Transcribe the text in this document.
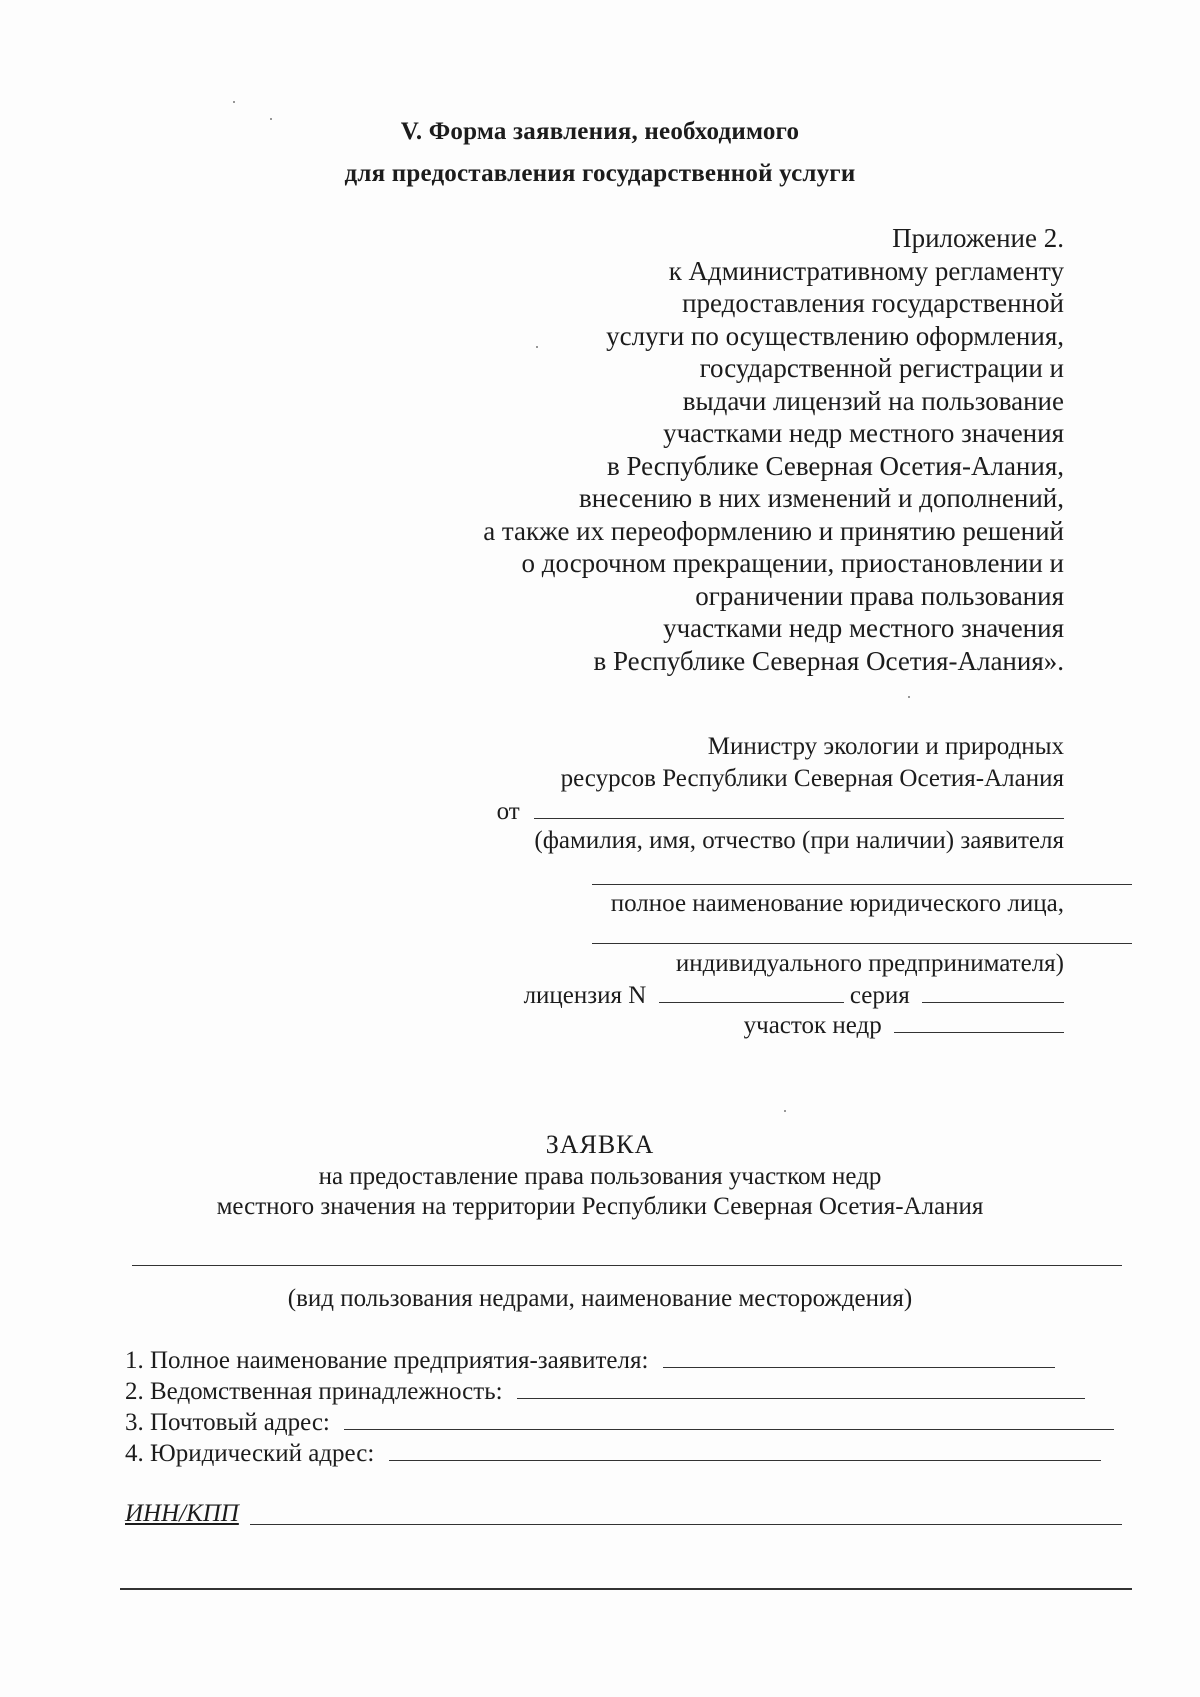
V. Форма заявления, необходимого
для предоставления государственной услуги
Приложение 2.
к Административному регламенту
предоставления государственной
услуги по осуществлению оформления,
государственной регистрации и
выдачи лицензий на пользование
участками недр местного значения
в Республике Северная Осетия-Алания,
внесению в них изменений и дополнений,
а также их переоформлению и принятию решений
о досрочном прекращении, приостановлении и
ограничении права пользования
участками недр местного значения
в Республике Северная Осетия-Алания».
Министру экологии и природных
ресурсов Республики Северная Осетия-Алания
от
(фамилия, имя, отчество (при наличии) заявителя
полное наименование юридического лица,
индивидуального предпринимателя)
лицензия N	серия
участок недр
ЗАЯВКА
на предоставление права пользования участком недр
местного значения на территории Республики Северная Осетия-Алания
(вид пользования недрами, наименование месторождения)
1. Полное наименование предприятия-заявителя:
2. Ведомственная принадлежность:
3. Почтовый адрес:
4. Юридический адрес:
ИНН/КПП
